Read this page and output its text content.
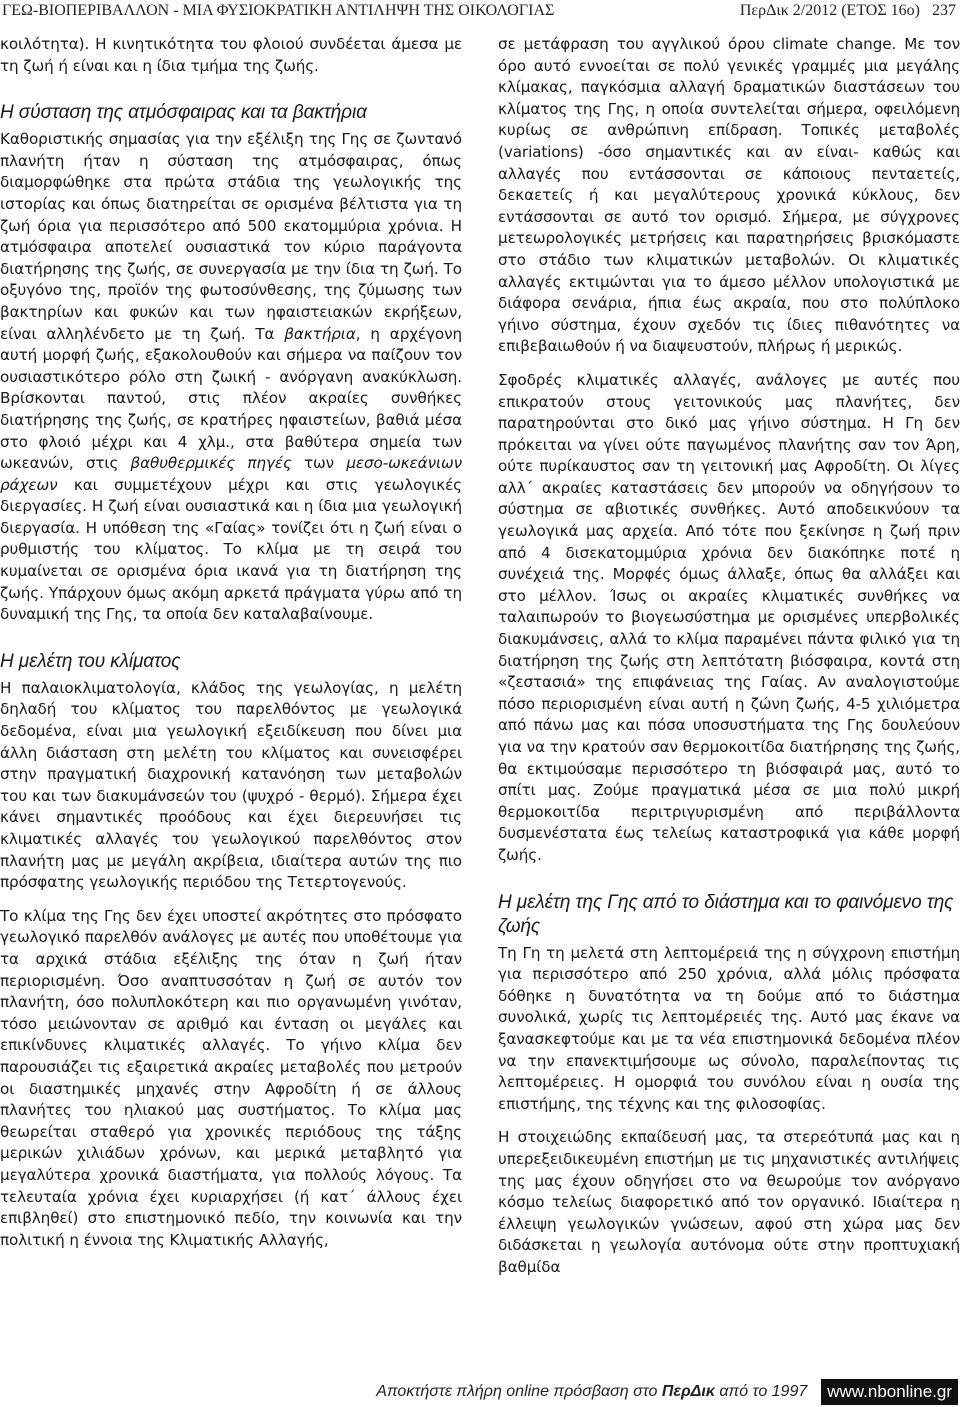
ΓΕΩ-ΒΙΟΠΕΡΙΒΑΛΛΟΝ - ΜΙΑ ΦΥΣΙΟΚΡΑΤΙΚΗ ΑΝΤΙΛΗΨΗ ΤΗΣ ΟΙΚΟΛΟΓΙΑΣ	ΠερΔικ 2/2012 (ΕΤΟΣ 16ο) 237

κοιλότητα). Η κινητικότητα του φλοιού συνδέεται άμεσα με τη ζωή ή είναι και η ίδια τμήμα της ζωής.

Η σύσταση της ατμόσφαιρας και τα βακτήρια

Καθοριστικής σημασίας για την εξέλιξη της Γης σε ζωντανό πλανήτη ήταν η σύσταση της ατμόσφαιρας, όπως διαμορφώθηκε στα πρώτα στάδια της γεωλογικής της ιστορίας και όπως διατηρείται σε ορισμένα βέλτιστα για τη ζωή όρια για περισσότερο από 500 εκατομμύρια χρόνια. Η ατμόσφαιρα αποτελεί ουσιαστικά τον κύριο παράγοντα διατήρησης της ζωής, σε συνεργασία με την ίδια τη ζωή. Το οξυγόνο της, προϊόν της φωτοσύνθεσης, της ζύμωσης των βακτηρίων και φυκών και των ηφαιστειακών εκρήξεων, είναι αλληλένδετο με τη ζωή. Τα βακτήρια, η αρχέγονη αυτή μορφή ζωής, εξακολουθούν και σήμερα να παίζουν τον ουσιαστικότερο ρόλο στη ζωική - ανόργανη ανακύκλωση. Βρίσκονται παντού, στις πλέον ακραίες συνθήκες διατήρησης της ζωής, σε κρατήρες ηφαιστείων, βαθιά μέσα στο φλοιό μέχρι και 4 χλμ., στα βαθύτερα σημεία των ωκεανών, στις βαθυθερμικές πηγές των μεσο-ωκεάνιων ράχεων και συμμετέχουν μέχρι και στις γεωλογικές διεργασίες. Η ζωή είναι ουσιαστικά και η ίδια μια γεωλογική διεργασία. Η υπόθεση της «Γαίας» τονίζει ότι η ζωή είναι ο ρυθμιστής του κλίματος. Το κλίμα με τη σειρά του κυμαίνεται σε ορισμένα όρια ικανά για τη διατήρηση της ζωής. Υπάρχουν όμως ακόμη αρκετά πράγματα γύρω από τη δυναμική της Γης, τα οποία δεν καταλαβαίνουμε.

Η μελέτη του κλίματος

Η παλαιοκλιματολογία, κλάδος της γεωλογίας, η μελέτη δηλαδή του κλίματος του παρελθόντος με γεωλογικά δεδομένα, είναι μια γεωλογική εξειδίκευση που δίνει μια άλλη διάσταση στη μελέτη του κλίματος και συνεισφέρει στην πραγματική διαχρονική κατανόηση των μεταβολών του και των διακυμάνσεών του (ψυχρό - θερμό). Σήμερα έχει κάνει σημαντικές προόδους και έχει διερευνήσει τις κλιματικές αλλαγές του γεωλογικού παρελθόντος στον πλανήτη μας με μεγάλη ακρίβεια, ιδιαίτερα αυτών της πιο πρόσφατης γεωλογικής περιόδου της Τετερτογενούς.

Το κλίμα της Γης δεν έχει υποστεί ακρότητες στο πρόσφατο γεωλογικό παρελθόν ανάλογες με αυτές που υποθέτουμε για τα αρχικά στάδια εξέλιξης της όταν η ζωή ήταν περιορισμένη. Όσο αναπτυσσόταν η ζωή σε αυτόν τον πλανήτη, όσο πολυπλοκότερη και πιο οργανωμένη γινόταν, τόσο μειώνονταν σε αριθμό και ένταση οι μεγάλες και επικίνδυνες κλιματικές αλλαγές. Το γήινο κλίμα δεν παρουσιάζει τις εξαιρετικά ακραίες μεταβολές που μετρούν οι διαστημικές μηχανές στην Αφροδίτη ή σε άλλους πλανήτες του ηλιακού μας συστήματος. Το κλίμα μας θεωρείται σταθερό για χρονικές περιόδους της τάξης μερικών χιλιάδων χρόνων, και μερικά μεταβλητό για μεγαλύτερα χρονικά διαστήματα, για πολλούς λόγους. Τα τελευταία χρόνια έχει κυριαρχήσει (ή κατ΄ άλλους έχει επιβληθεί) στο επιστημονικό πεδίο, την κοινωνία και την πολιτική η έννοια της Κλιματικής Αλλαγής,

σε μετάφραση του αγγλικού όρου climate change. Με τον όρο αυτό εννοείται σε πολύ γενικές γραμμές μια μεγάλης κλίμακας, παγκόσμια αλλαγή δραματικών διαστάσεων του κλίματος της Γης, η οποία συντελείται σήμερα, οφειλόμενη κυρίως σε ανθρώπινη επίδραση. Τοπικές μεταβολές (variations) -όσο σημαντικές και αν είναι- καθώς και αλλαγές που εντάσσονται σε κάποιους πενταετείς, δεκαετείς ή και μεγαλύτερους χρονικά κύκλους, δεν εντάσσονται σε αυτό τον ορισμό. Σήμερα, με σύγχρονες μετεωρολογικές μετρήσεις και παρατηρήσεις βρισκόμαστε στο στάδιο των κλιματικών μεταβολών. Οι κλιματικές αλλαγές εκτιμώνται για το άμεσο μέλλον υπολογιστικά με διάφορα σενάρια, ήπια έως ακραία, που στο πολύπλοκο γήινο σύστημα, έχουν σχεδόν τις ίδιες πιθανότητες να επιβεβαιωθούν ή να διαψευστούν, πλήρως ή μερικώς.

Σφοδρές κλιματικές αλλαγές, ανάλογες με αυτές που επικρατούν στους γειτονικούς μας πλανήτες, δεν παρατηρούνται στο δικό μας γήινο σύστημα. Η Γη δεν πρόκειται να γίνει ούτε παγωμένος πλανήτης σαν τον Άρη, ούτε πυρίκαυστος σαν τη γειτονική μας Αφροδίτη. Οι λίγες αλλ΄ ακραίες καταστάσεις δεν μπορούν να οδηγήσουν το σύστημα σε αβιοτικές συνθήκες. Αυτό αποδεικνύουν τα γεωλογικά μας αρχεία. Από τότε που ξεκίνησε η ζωή πριν από 4 δισεκατομμύρια χρόνια δεν διακόπηκε ποτέ η συνέχειά της. Μορφές όμως άλλαξε, όπως θα αλλάξει και στο μέλλον. Ίσως οι ακραίες κλιματικές συνθήκες να ταλαιπωρούν το βιογεωσύστημα με ορισμένες υπερβολικές διακυμάνσεις, αλλά το κλίμα παραμένει πάντα φιλικό για τη διατήρηση της ζωής στη λεπτότατη βιόσφαιρα, κοντά στη «ζεστασιά» της επιφάνειας της Γαίας. Αν αναλογιστούμε πόσο περιορισμένη είναι αυτή η ζώνη ζωής, 4-5 χιλιόμετρα από πάνω μας και πόσα υποσυστήματα της Γης δουλεύουν για να την κρατούν σαν θερμοκοιτίδα διατήρησης της ζωής, θα εκτιμούσαμε περισσότερο τη βιόσφαιρά μας, αυτό το σπίτι μας. Ζούμε πραγματικά μέσα σε μια πολύ μικρή θερμοκοιτίδα περιτριγυρισμένη από περιβάλλοντα δυσμενέστατα έως τελείως καταστροφικά για κάθε μορφή ζωής.

Η μελέτη της Γης από το διάστημα και το φαινόμενο της ζωής

Τη Γη τη μελετά στη λεπτομέρειά της η σύγχρονη επιστήμη για περισσότερο από 250 χρόνια, αλλά μόλις πρόσφατα δόθηκε η δυνατότητα να τη δούμε από το διάστημα συνολικά, χωρίς τις λεπτομέρειές της. Αυτό μας έκανε να ξανασκεφτούμε και με τα νέα επιστημονικά δεδομένα πλέον να την επανεκτιμήσουμε ως σύνολο, παραλείποντας τις λεπτομέρειες. Η ομορφιά του συνόλου είναι η ουσία της επιστήμης, της τέχνης και της φιλοσοφίας.

Η στοιχειώδης εκπαίδευσή μας, τα στερεότυπά μας και η υπερεξειδικευμένη επιστήμη με τις μηχανιστικές αντιλήψεις της μας έχουν οδηγήσει στο να θεωρούμε τον ανόργανο κόσμο τελείως διαφορετικό από τον οργανικό. Ιδιαίτερα η έλλειψη γεωλογικών γνώσεων, αφού στη χώρα μας δεν διδάσκεται η γεωλογία αυτόνομα ούτε στην προπτυχιακή βαθμίδα

Αποκτήστε πλήρη online πρόσβαση στο ΠερΔικ από το 1997	www.nbonline.gr
